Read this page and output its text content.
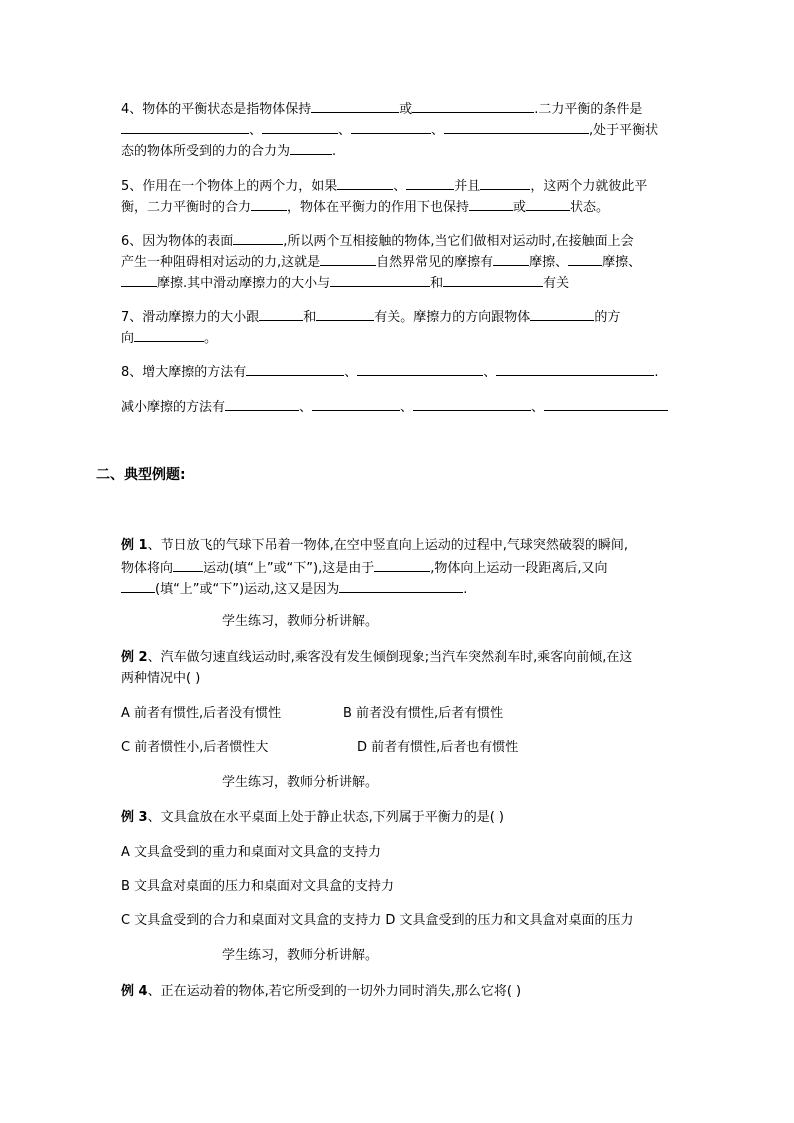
4、物体的平衡状态是指物体保持	或	.二力平衡的条件是
、	、	、	,处于平衡状
态的物体所受到的力的合力为	.
5、作用在一个物体上的两个力，如果	、	并且	，这两个力就彼此平
衡，二力平衡时的合力	，物体在平衡力的作用下也保持	或	状态。
6、因为物体的表面	,所以两个互相接触的物体,当它们做相对运动时,在接触面上会
产生一种阻碍相对运动的力,这就是	自然界常见的摩擦有	摩擦、	摩擦、
摩擦.其中滑动摩擦力的大小与	和	有关
7、滑动摩擦力的大小跟	和	有关。摩擦力的方向跟物体	的方
向	。
8、增大摩擦的方法有	、	、	.
减小摩擦的方法有	、	、	、
二、典型例题:
例 1、节日放飞的气球下吊着一物体,在空中竖直向上运动的过程中,气球突然破裂的瞬间,
物体将向 运动(填“上”或“下”),这是由于	,物体向上运动一段距离后,又向
(填“上”或“下”)运动,这又是因为	.
学生练习，教师分析讲解。
例 2、汽车做匀速直线运动时,乘客没有发生倾倒现象;当汽车突然刹车时,乘客向前倾,在这
两种情况中( )
A 前者有惯性,后者没有惯性	B 前者没有惯性,后者有惯性
C 前者惯性小,后者惯性大	D 前者有惯性,后者也有惯性
学生练习，教师分析讲解。
例 3、文具盒放在水平桌面上处于静止状态,下列属于平衡力的是( )
A 文具盒受到的重力和桌面对文具盒的支持力
B 文具盒对桌面的压力和桌面对文具盒的支持力
C 文具盒受到的合力和桌面对文具盒的支持力 D 文具盒受到的压力和文具盒对桌面的压力
学生练习，教师分析讲解。
例 4、正在运动着的物体,若它所受到的一切外力同时消失,那么它将( )
